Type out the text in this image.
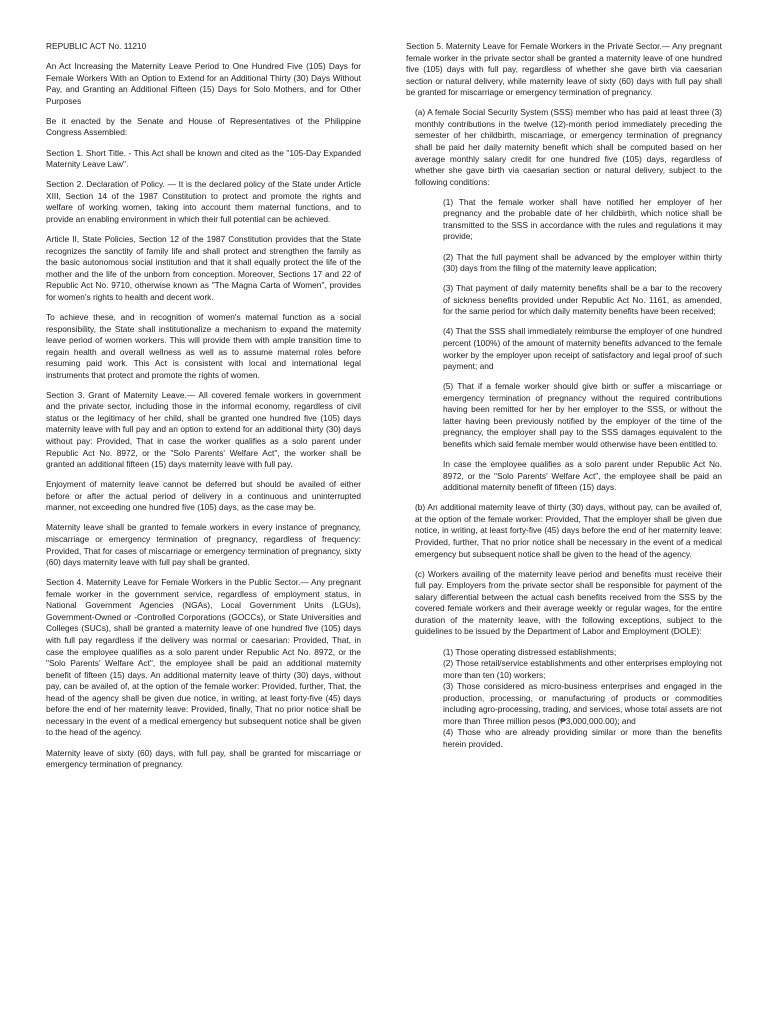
REPUBLIC ACT No. 11210

An Act Increasing the Maternity Leave Period to One Hundred Five (105) Days for Female Workers With an Option to Extend for an Additional Thirty (30) Days Without Pay, and Granting an Additional Fifteen (15) Days for Solo Mothers, and for Other Purposes

Be it enacted by the Senate and House of Representatives of the Philippine Congress Assembled:

Section 1. Short Title. - This Act shall be known and cited as the "105-Day Expanded Maternity Leave Law".

Section 2. Declaration of Policy. — It is the declared policy of the State under Article XIII, Section 14 of the 1987 Constitution to protect and promote the rights and welfare of working women, taking into account them maternal functions, and to provide an enabling environment in which their full potential can be achieved.

Article II, State Policies, Section 12 of the 1987 Constitution provides that the State recognizes the sanctity of family life and shall protect and strengthen the family as the basic autonomous social institution and that it shall equally protect the life of the mother and the life of the unborn from conception. Moreover, Sections 17 and 22 of Republic Act No. 9710, otherwise known as "The Magna Carta of Women", provides for women's rights to health and decent work.

To achieve these, and in recognition of women's maternal function as a social responsibility, the State shall institutionalize a mechanism to expand the maternity leave period of women workers. This will provide them with ample transition time to regain health and overall wellness as well as to assume maternal roles before resuming paid work. This Act is consistent with local and international legal instruments that protect and promote the rights of women.

Section 3. Grant of Maternity Leave.— All covered female workers in government and the private sector, including those in the informal economy, regardless of civil status or the legitimacy of her child, shall be granted one hundred five (105) days maternity leave with full pay and an option to extend for an additional thirty (30) days without pay: Provided, That in case the worker qualifies as a solo parent under Republic Act No. 8972, or the "Solo Parents' Welfare Act", the worker shall be granted an additional fifteen (15) days maternity leave with full pay.

Enjoyment of maternity leave cannot be deferred but should be availed of either before or after the actual period of delivery in a continuous and uninterrupted manner, not exceeding one hundred five (105) days, as the case may be.

Maternity leave shall be granted to female workers in every instance of pregnancy, miscarriage or emergency termination of pregnancy, regardless of frequency: Provided, That for cases of miscarriage or emergency termination of pregnancy, sixty (60) days maternity leave with full pay shall be granted.

Section 4. Maternity Leave for Female Workers in the Public Sector.— Any pregnant female worker in the government service, regardless of employment status, in National Government Agencies (NGAs), Local Government Units (LGUs), Government-Owned or -Controlled Corporations (GOCCs), or State Universities and Colleges (SUCs), shall be granted a maternity leave of one hundred five (105) days with full pay regardless if the delivery was normal or caesarian: Provided, That, in case the employee qualifies as a solo parent under Republic Act No. 8972, or the "Solo Parents' Welfare Act", the employee shall be paid an additional maternity benefit of fifteen (15) days. An additional maternity leave of thirty (30) days, without pay, can be availed of, at the option of the female worker: Provided, further, That, the head of the agency shall be given due notice, in writing, at least forty-five (45) days before the end of her maternity leave: Provided, finally, That no prior notice shall be necessary in the event of a medical emergency but subsequent notice shall be given to the head of the agency.

Maternity leave of sixty (60) days, with full pay, shall be granted for miscarriage or emergency termination of pregnancy.

Section 5. Maternity Leave for Female Workers in the Private Sector.— Any pregnant female worker in the private sector shall be granted a maternity leave of one hundred five (105) days with full pay, regardless of whether she gave birth via caesarian section or natural delivery, while maternity leave of sixty (60) days with full pay shall be granted for miscarriage or emergency termination of pregnancy.

(a) A female Social Security System (SSS) member who has paid at least three (3) monthly contributions in the twelve (12)-month period immediately preceding the semester of her childbirth, miscarriage, or emergency termination of pregnancy shall be paid her daily maternity benefit which shall be computed based on her average monthly salary credit for one hundred five (105) days, regardless of whether she gave birth via caesarian section or natural delivery, subject to the following conditions:

(1) That the female worker shall have notified her employer of her pregnancy and the probable date of her childbirth, which notice shall be transmitted to the SSS in accordance with the rules and regulations it may provide;

(2) That the full payment shall be advanced by the employer within thirty (30) days from the filing of the maternity leave application;

(3) That payment of daily maternity benefits shall be a bar to the recovery of sickness benefits provided under Republic Act No. 1161, as amended, for the same period for which daily maternity benefits have been received;

(4) That the SSS shall immediately reimburse the employer of one hundred percent (100%) of the amount of maternity benefits advanced to the female worker by the employer upon receipt of satisfactory and legal proof of such payment; and

(5) That if a female worker should give birth or suffer a miscarriage or emergency termination of pregnancy without the required contributions having been remitted for her by her employer to the SSS, or without the latter having been previously notified by the employer of the time of the pregnancy, the employer shall pay to the SSS damages equivalent to the benefits which said female member would otherwise have been entitled to.

In case the employee qualifies as a solo parent under Republic Act No. 8972, or the "Solo Parents' Welfare Act", the employee shall be paid an additional maternity benefit of fifteen (15) days.

(b) An additional maternity leave of thirty (30) days, without pay, can be availed of, at the option of the female worker: Provided, That the employer shall be given due notice, in writing, at least forty-five (45) days before the end of her maternity leave: Provided, further, That no prior notice shall be necessary in the event of a medical emergency but subsequent notice shall be given to the head of the agency.

(c) Workers availing of the maternity leave period and benefits must receive their full pay. Employers from the private sector shall be responsible for payment of the salary differential between the actual cash benefits received from the SSS by the covered female workers and their average weekly or regular wages, for the entire duration of the maternity leave, with the following exceptions, subject to the guidelines to be issued by the Department of Labor and Employment (DOLE):

(1) Those operating distressed establishments;

(2) Those retail/service establishments and other enterprises employing not more than ten (10) workers;

(3) Those considered as micro-business enterprises and engaged in the production, processing, or manufacturing of products or commodities including agro-processing, trading, and services, whose total assets are not more than Three million pesos (₱3,000,000.00); and

(4) Those who are already providing similar or more than the benefits herein provided.
